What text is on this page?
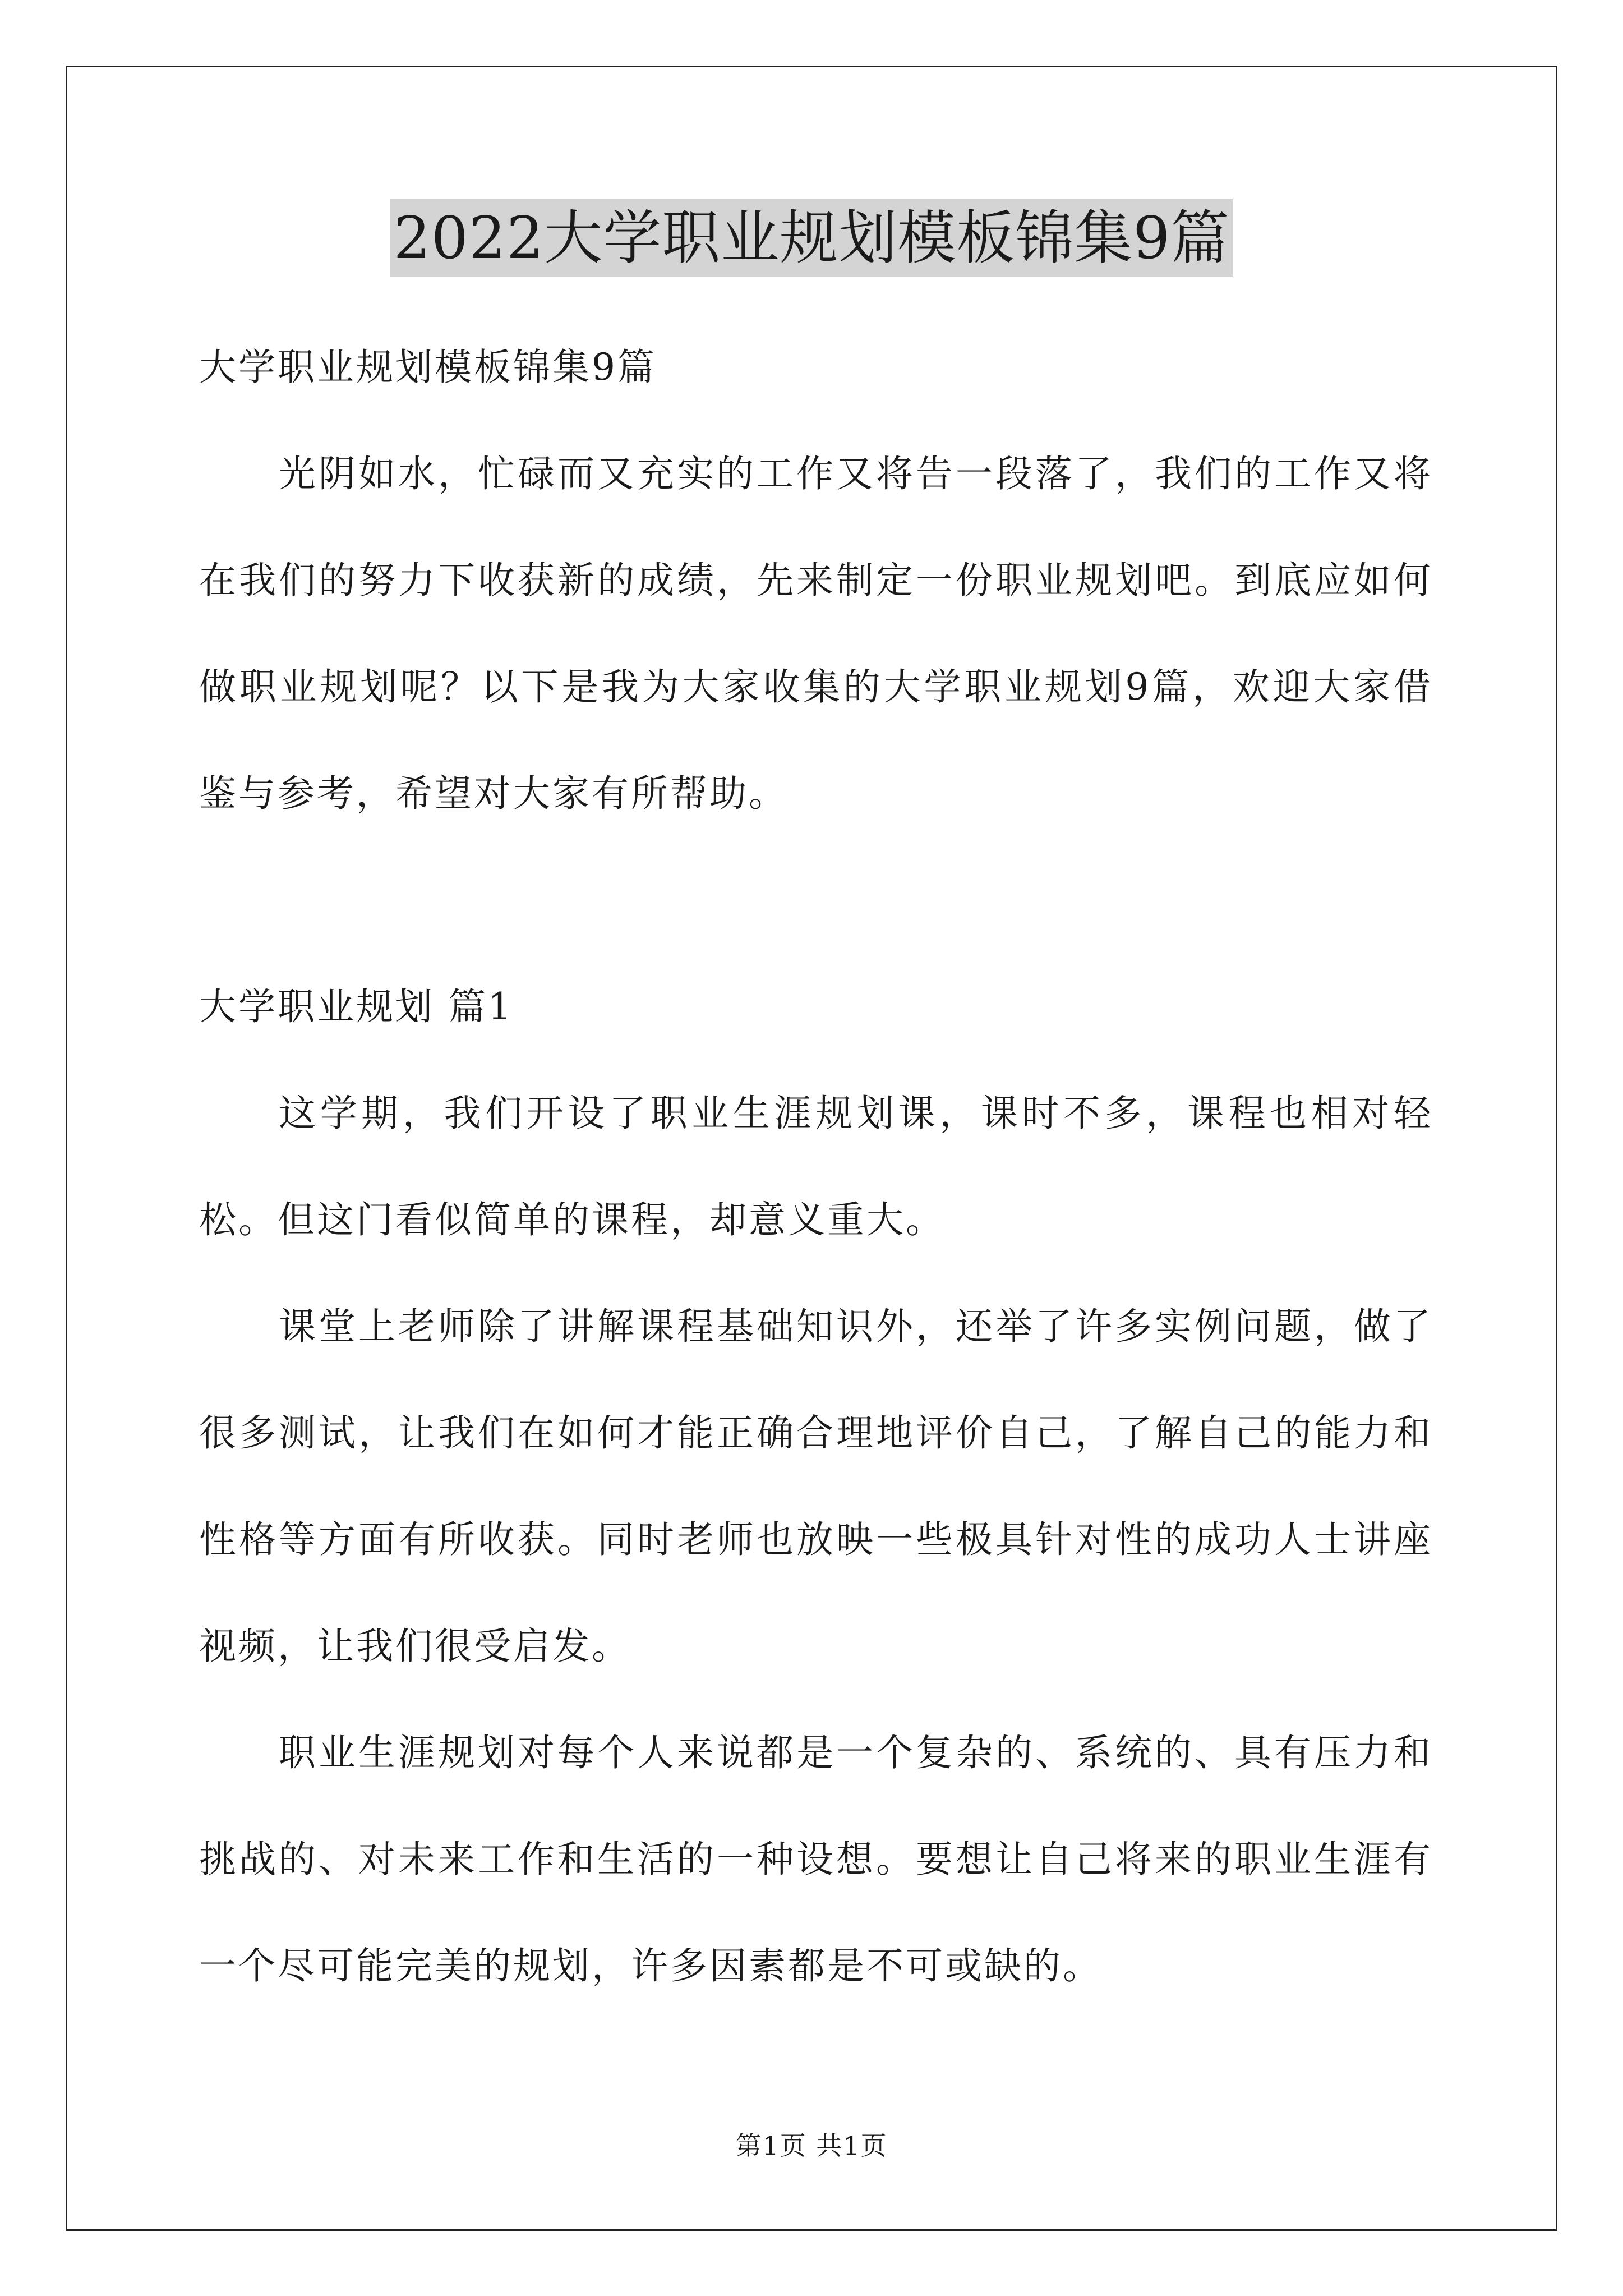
2022大学职业规划模板锦集9篇
大学职业规划模板锦集9篇

光阴如水，忙碌而又充实的工作又将告一段落了，我们的工作又将在我们的努力下收获新的成绩，先来制定一份职业规划吧。到底应如何做职业规划呢？以下是我为大家收集的大学职业规划9篇，欢迎大家借鉴与参考，希望对大家有所帮助。

大学职业规划 篇1

这学期，我们开设了职业生涯规划课，课时不多，课程也相对轻松。但这门看似简单的课程，却意义重大。

课堂上老师除了讲解课程基础知识外，还举了许多实例问题，做了很多测试，让我们在如何才能正确合理地评价自己，了解自己的能力和性格等方面有所收获。同时老师也放映一些极具针对性的成功人士讲座视频，让我们很受启发。

职业生涯规划对每个人来说都是一个复杂的、系统的、具有压力和挑战的、对未来工作和生活的一种设想。要想让自己将来的职业生涯有一个尽可能完美的规划，许多因素都是不可或缺的。

第1页 共1页
